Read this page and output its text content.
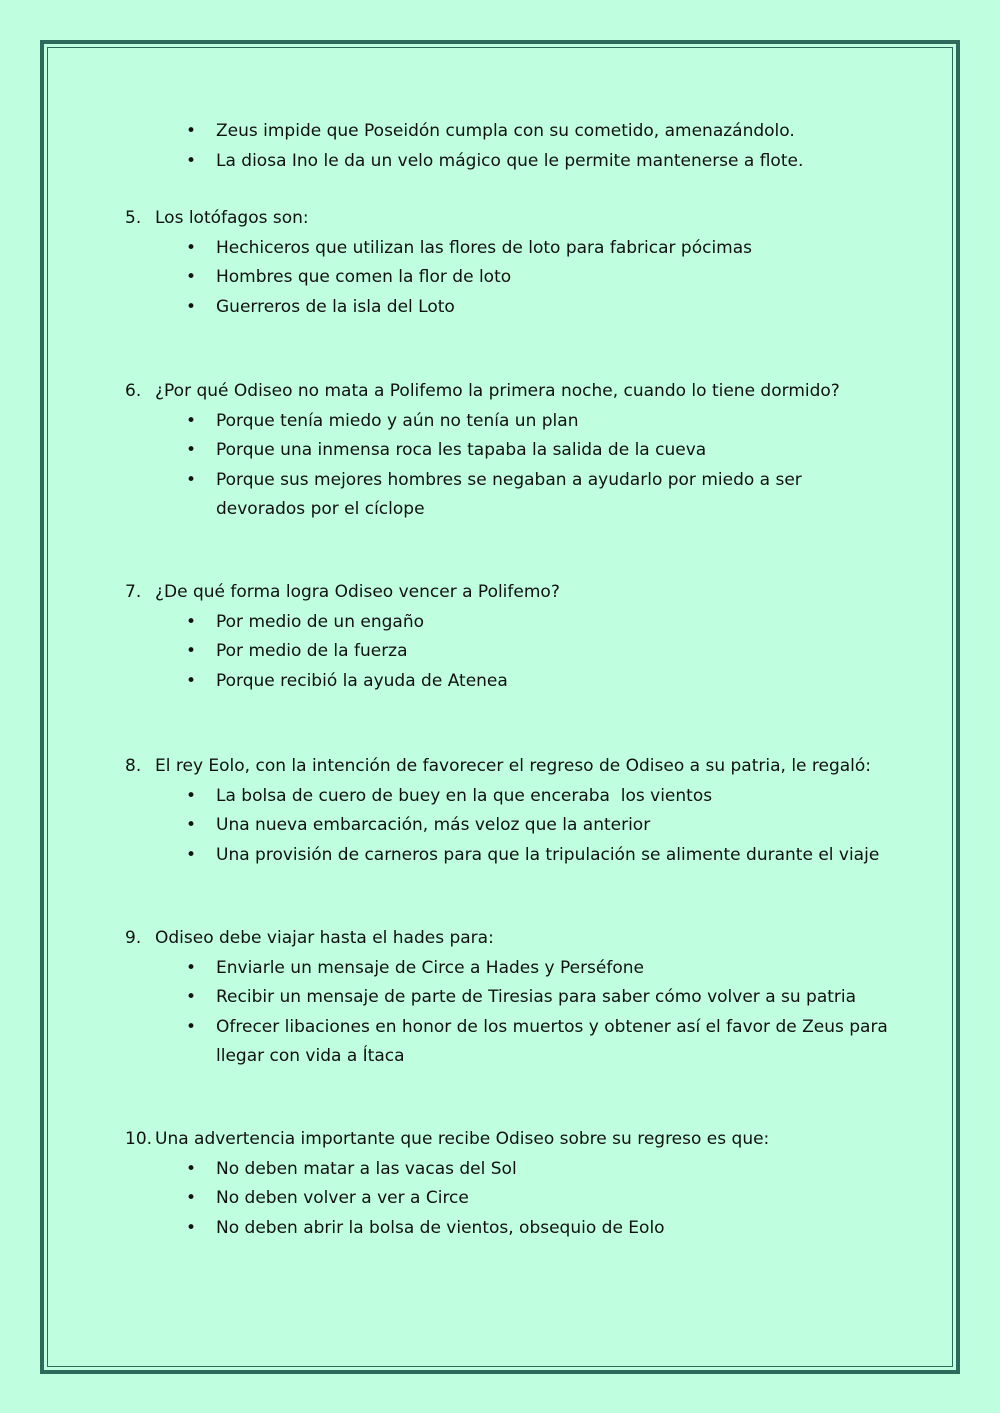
• Zeus impide que Poseidón cumpla con su cometido, amenazándolo.
• La diosa Ino le da un velo mágico que le permite mantenerse a flote.
5. Los lotófagos son:
• Hechiceros que utilizan las flores de loto para fabricar pócimas
• Hombres que comen la flor de loto
• Guerreros de la isla del Loto
6. ¿Por qué Odiseo no mata a Polifemo la primera noche, cuando lo tiene dormido?
• Porque tenía miedo y aún no tenía un plan
• Porque una inmensa roca les tapaba la salida de la cueva
• Porque sus mejores hombres se negaban a ayudarlo por miedo a ser devorados por el cíclope
7. ¿De qué forma logra Odiseo vencer a Polifemo?
• Por medio de un engaño
• Por medio de la fuerza
• Porque recibió la ayuda de Atenea
8. El rey Eolo, con la intención de favorecer el regreso de Odiseo a su patria, le regaló:
• La bolsa de cuero de buey en la que enceraba  los vientos
• Una nueva embarcación, más veloz que la anterior
• Una provisión de carneros para que la tripulación se alimente durante el viaje
9. Odiseo debe viajar hasta el hades para:
• Enviarle un mensaje de Circe a Hades y Perséfone
• Recibir un mensaje de parte de Tiresias para saber cómo volver a su patria
• Ofrecer libaciones en honor de los muertos y obtener así el favor de Zeus para llegar con vida a Ítaca
10. Una advertencia importante que recibe Odiseo sobre su regreso es que:
• No deben matar a las vacas del Sol
• No deben volver a ver a Circe
• No deben abrir la bolsa de vientos, obsequio de Eolo
